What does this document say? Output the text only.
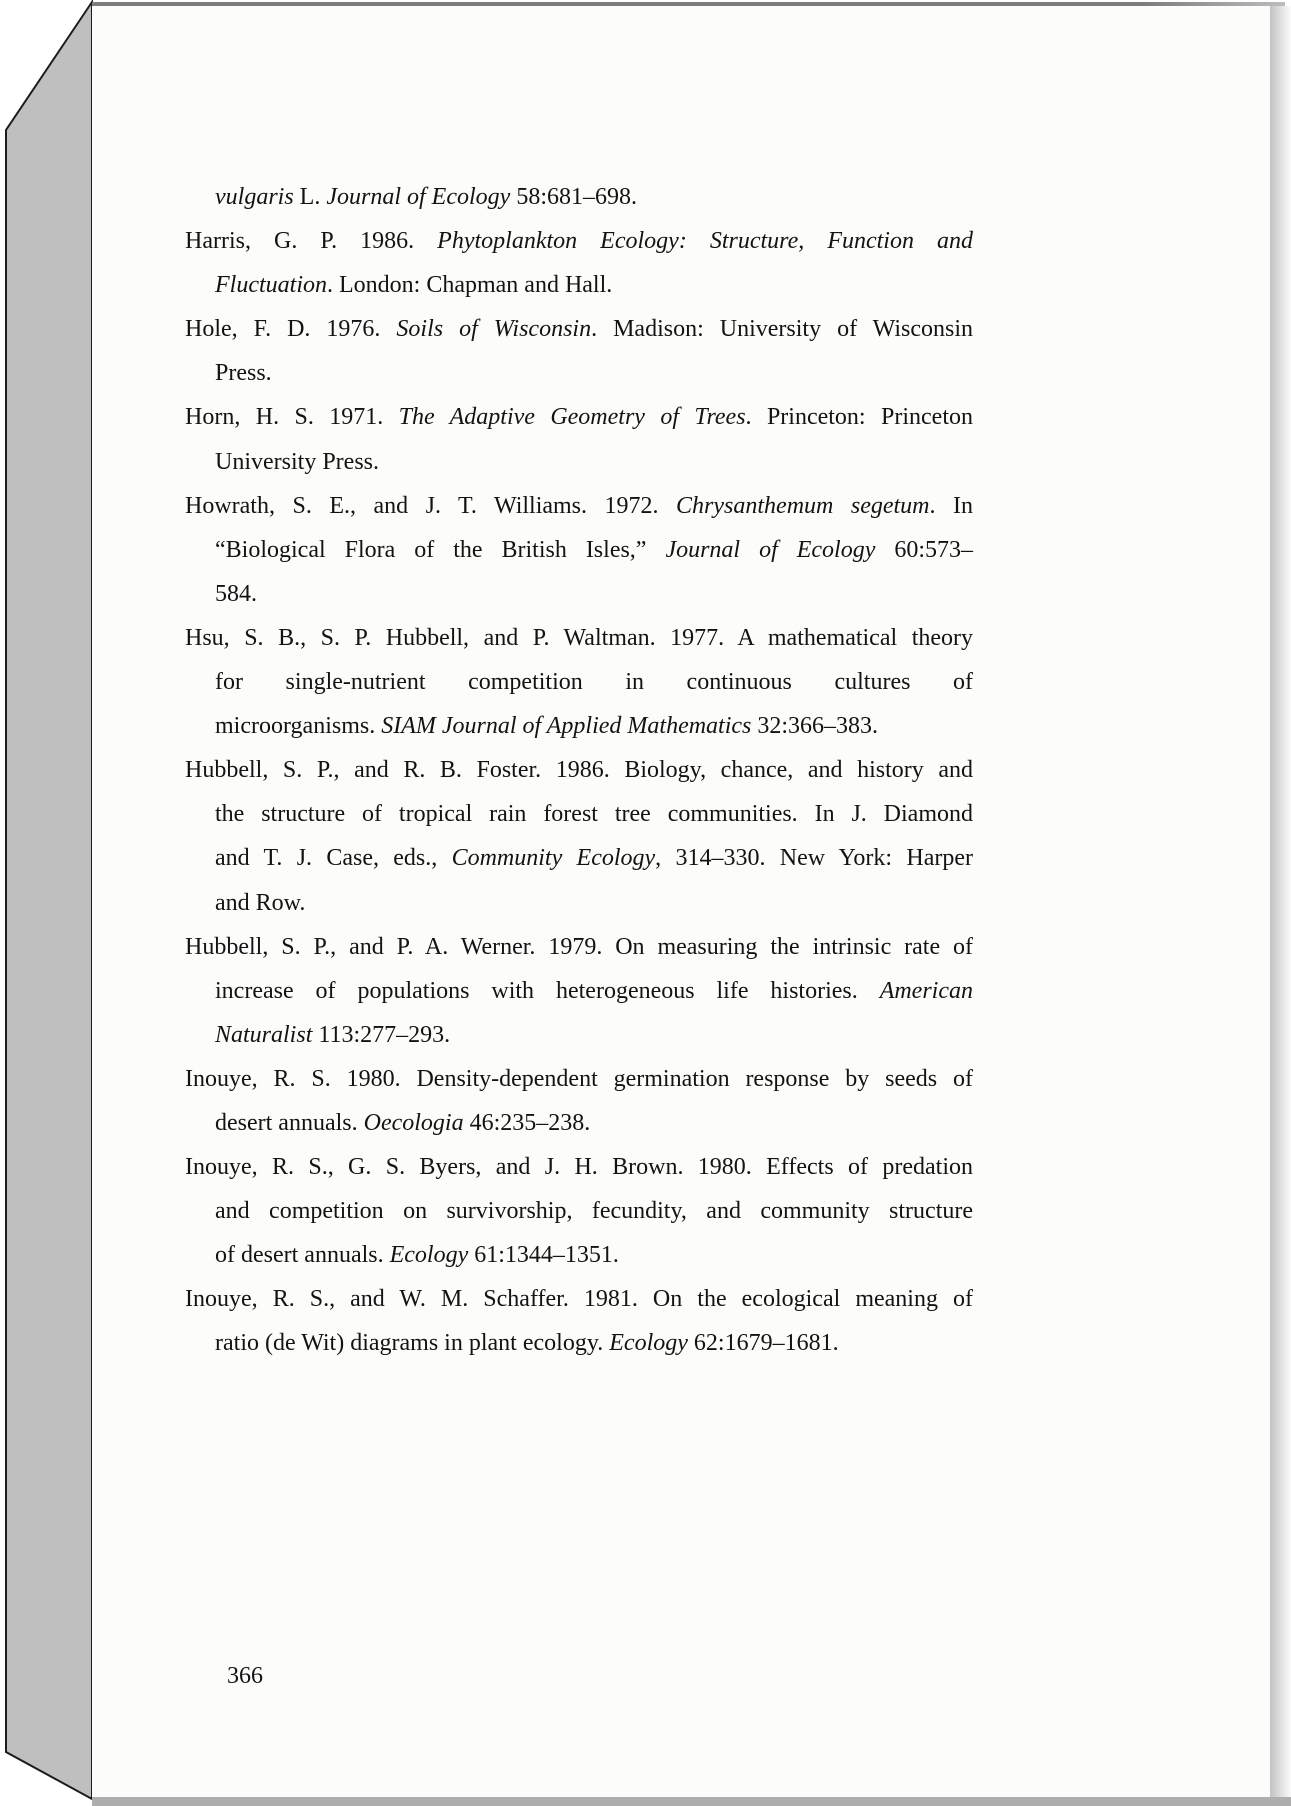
vulgaris L. Journal of Ecology 58:681–698.
Harris, G. P. 1986. Phytoplankton Ecology: Structure, Function and
Fluctuation. London: Chapman and Hall.
Hole, F. D. 1976. Soils of Wisconsin. Madison: University of Wisconsin
Press.
Horn, H. S. 1971. The Adaptive Geometry of Trees. Princeton: Princeton
University Press.
Howrath, S. E., and J. T. Williams. 1972. Chrysanthemum segetum. In
“Biological Flora of the British Isles,” Journal of Ecology 60:573–
584.
Hsu, S. B., S. P. Hubbell, and P. Waltman. 1977. A mathematical theory
for single-nutrient competition in continuous cultures of
microorganisms. SIAM Journal of Applied Mathematics 32:366–383.
Hubbell, S. P., and R. B. Foster. 1986. Biology, chance, and history and
the structure of tropical rain forest tree communities. In J. Diamond
and T. J. Case, eds., Community Ecology, 314–330. New York: Harper
and Row.
Hubbell, S. P., and P. A. Werner. 1979. On measuring the intrinsic rate of
increase of populations with heterogeneous life histories. American
Naturalist 113:277–293.
Inouye, R. S. 1980. Density-dependent germination response by seeds of
desert annuals. Oecologia 46:235–238.
Inouye, R. S., G. S. Byers, and J. H. Brown. 1980. Effects of predation
and competition on survivorship, fecundity, and community structure
of desert annuals. Ecology 61:1344–1351.
Inouye, R. S., and W. M. Schaffer. 1981. On the ecological meaning of
ratio (de Wit) diagrams in plant ecology. Ecology 62:1679–1681.
366
